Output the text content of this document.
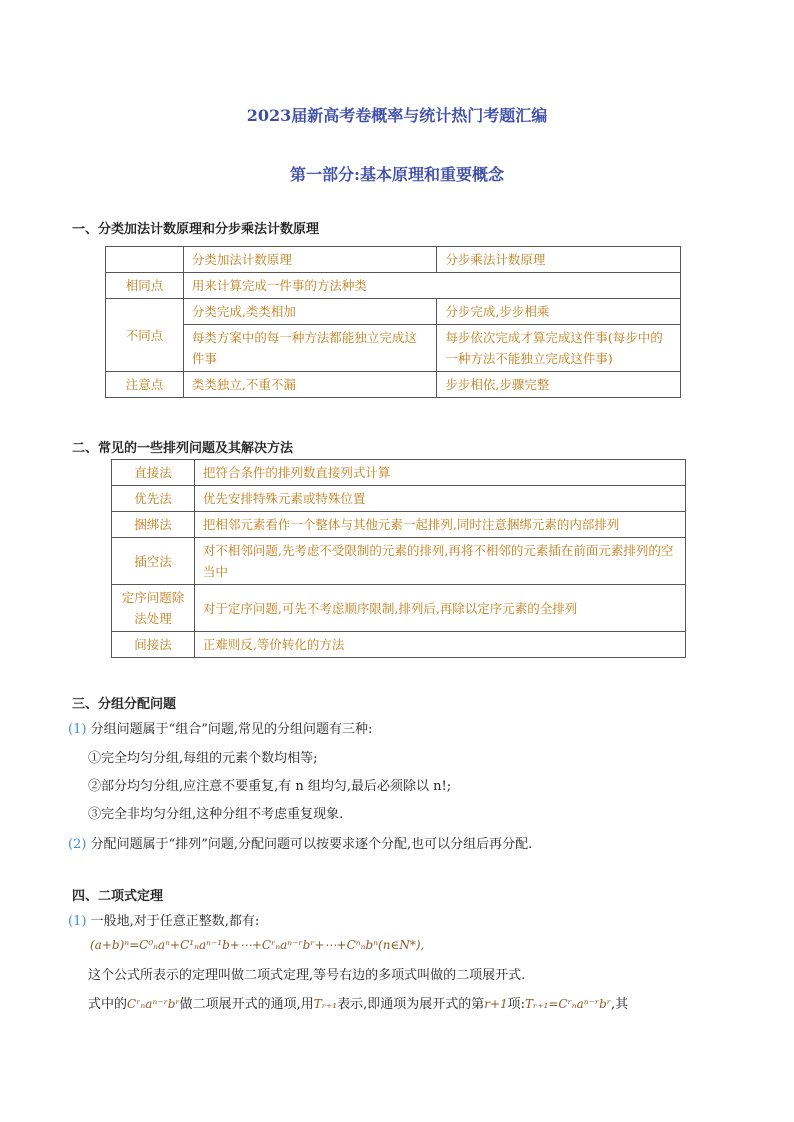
2023届新高考卷概率与统计热门考题汇编
第一部分:基本原理和重要概念
一、分类加法计数原理和分步乘法计数原理
	分类加法计数原理	分步乘法计数原理
相同点	用来计算完成一件事的方法种类	
不同点	分类完成,类类相加	分步完成,步步相乘
	每类方案中的每一种方法都能独立完成这件事	每步依次完成才算完成这件事(每步中的一种方法不能独立完成这件事)
注意点	类类独立,不重不漏	步步相依,步骤完整
二、常见的一些排列问题及其解决方法
直接法	把符合条件的排列数直接列式计算
优先法	优先安排特殊元素或特殊位置
捆绑法	把相邻元素看作一个整体与其他元素一起排列,同时注意捆绑元素的内部排列
插空法	对不相邻问题,先考虑不受限制的元素的排列,再将不相邻的元素插在前面元素排列的空当中
定序问题除法处理	对于定序问题,可先不考虑顺序限制,排列后,再除以定序元素的全排列
间接法	正难则反,等价转化的方法
三、分组分配问题
(1) 分组问题属于“组合”问题,常见的分组问题有三种:
①完全均匀分组,每组的元素个数均相等;
②部分均匀分组,应注意不要重复,有 n 组均匀,最后必须除以 n!;
③完全非均匀分组,这种分组不考虑重复现象.
(2) 分配问题属于“排列”问题,分配问题可以按要求逐个分配,也可以分组后再分配.
四、二项式定理
(1) 一般地,对于任意正整数,都有:
(a+b)ⁿ=C⁰ₙaⁿ+C¹ₙaⁿ⁻¹b+⋯+Cʳₙaⁿ⁻ʳbʳ+⋯+Cⁿₙbⁿ(n∈N*),
这个公式所表示的定理叫做二项式定理,等号右边的多项式叫做的二项展开式.
式中的Cʳₙaⁿ⁻ʳbʳ做二项展开式的通项,用Tᵣ₊₁表示,即通项为展开式的第r+1项:Tᵣ₊₁=Cʳₙaⁿ⁻ʳbʳ,其
